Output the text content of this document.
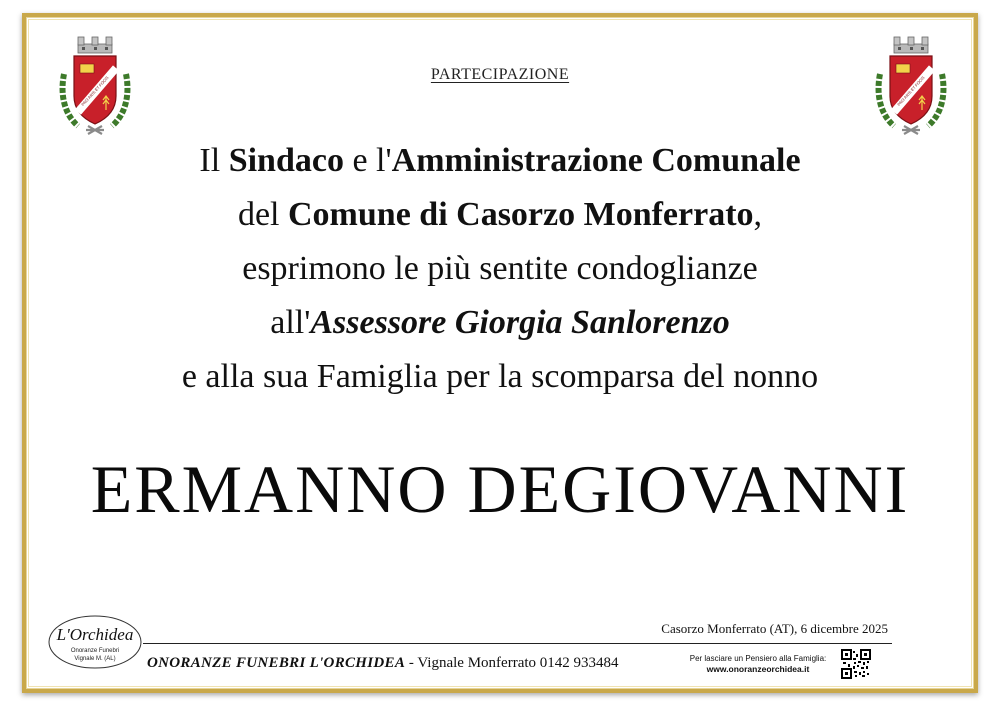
PRO ARIS ET FOCIS	PRO ARIS ET FOCIS
PARTECIPAZIONE
Il Sindaco e l'Amministrazione Comunale
del Comune di Casorzo Monferrato,
esprimono le più sentite condoglianze
all'Assessore Giorgia Sanlorenzo
e alla sua Famiglia per la scomparsa del nonno
ERMANNO DEGIOVANNI
L'Orchidea
Onoranze Funebri
Vignale M. (AL)
Casorzo Monferrato (AT), 6 dicembre 2025
ONORANZE FUNEBRI L'ORCHIDEA - Vignale Monferrato 0142 933484	Per lasciare un Pensiero alla Famiglia:
www.onoranzeorchidea.it
